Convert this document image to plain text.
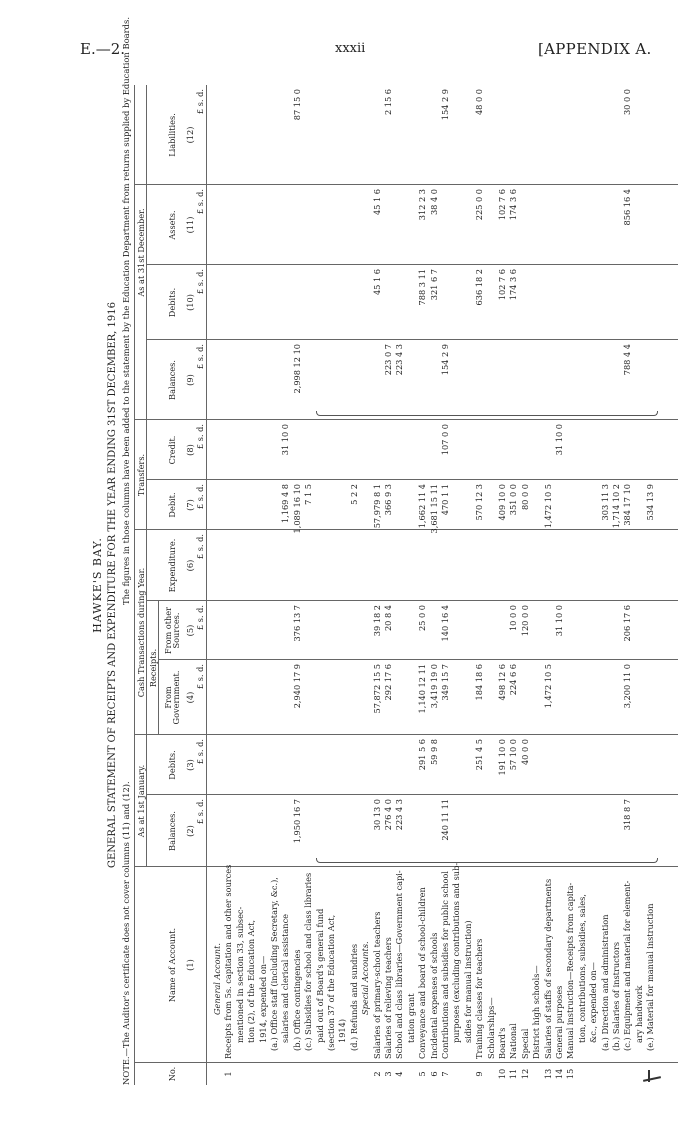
E.—2.	xxxii	[APPENDIX A.
HAWKE'S BAY. GENERAL STATEMENT OF RECEIPTS AND EXPENDITURE FOR THE YEAR ENDING 31ST DECEMBER, 1916 The figures in those columns have been added to the statement by the Education Department from returns supplied by Education Boards.
NOTE.—The Auditor's certificate does not cover columns (11) and (12). As at 1st January.
Cash Transactions during Year. Receipts.
Transfers.
As at 31st December.
No.
Name of Account.
Balances.
Debits.
From Government.
From other Sources.
Expenditure.
Debit.
Credit.
Balances.
Debits.
Assets.
Liabilities.
(1)
(2)
(3)
(4)
(5)
(6)
(7)
(8)
(9)
(10)
(11)
(12)
£ s. d.
£ s. d.
£ s. d.
£ s. d.
£ s. d.
£ s. d.
£ s. d.
£ s. d.
£ s. d.
£ s. d.
£ s. d.
General Account.
1
Receipts from 5s. capitation and other sources mentioned in section 33, subsec- tion (2), of the Education Act, 1914, expended on— (a.) Office staff (including Secretary, &c.), salaries and clerical assistance (b.) Office contingencies (c.) Subsidies for school and class libraries paid out of Board's general fund (section 37 of the Education Act, 1914) (d.) Refunds and sundries Special Accounts.
2
Salaries of primary-school teachers
3
Salaries of relieving teachers
4
School and class libraries—Government capi- tation grant
5
Conveyance and board of school-children
6
Incidental expenses of schools
7
Contributions and subsidies for public school purposes (excluding contributions and sub- sidies for manual instruction)
9
Training classes for teachers Scholarships—
10
Board's
11
National
12
Special District high schools—
13
Salaries of staffs of secondary departments
14
General purposes
15
Manual instruction—Receipts from capita- tion, contributions, subsidies, sales, &c., expended on— (a.) Direction and administration (b.) Salaries of instructors (c.) Equipment and material for element- ary handwork (e.) Material for manual instruction
1,169 4 8
31 10 0
1,950 16 7
376 13 7
2,940 17 9
1,089 16 10 7 1 5
2,998 12 10
87 15 0
5 2 2
30 13 0
57,872 15 5
39 18 2
57,979 8 1
45 1 6
45 1 6
276 4 0
292 17 6
20 8 4
366 9 3
223 0 7
2 15 6
223 4 3
223 4 3
291 5 6
1,140 12 11
25 0 0
1,662 11 4
788 3 11
312 2 3
59 9 8
3,419 19 0
3,681 15 11
321 6 7
38 4 0
240 11 11
349 15 7
140 16 4
470 1 1
107 0 0
154 2 9
154 2 9
251 4 5
184 18 6
570 12 3
636 18 2
225 0 0
48 0 0
191 10 0
498 12 6
409 10 0
102 7 6
102 7 6
57 10 0
224 6 6
10 0 0
351 0 0
174 3 6
174 3 6
40 0 0
120 0 0
80 0 0
1,472 10 5
1,472 10 5
31 10 0
31 10 0
303 11 3 1,714 10 2
318 8 7
3,200 11 0
206 17 6
384 17 10
788 4 4
856 16 4
30 0 0
534 13 9
